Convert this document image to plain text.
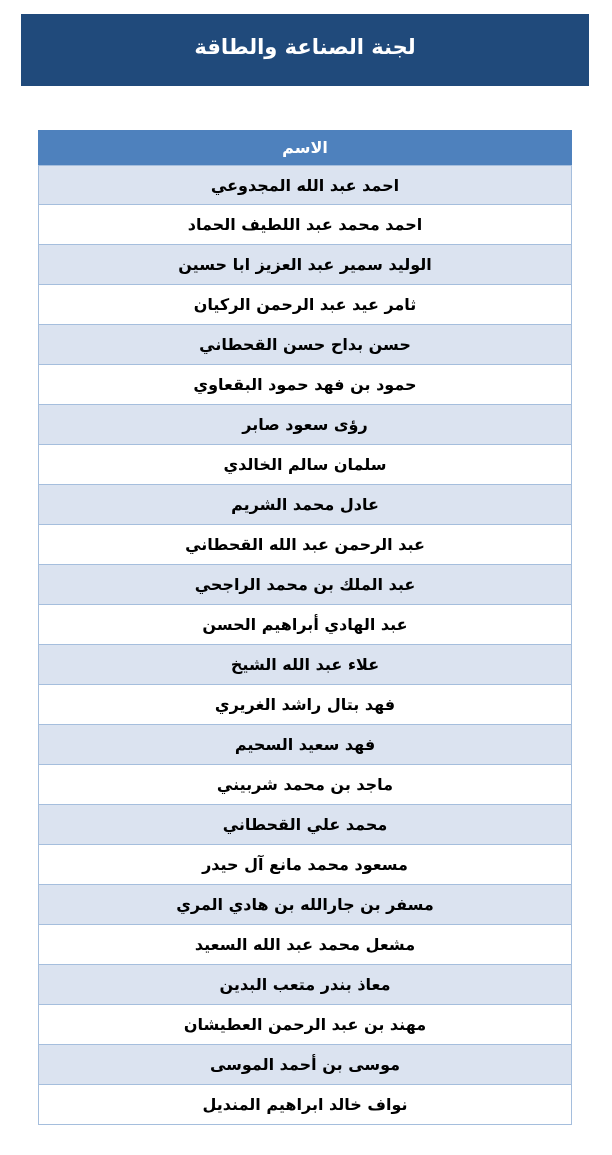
لجنة الصناعة والطاقة
الاسم
احمد عبد الله المجدوعي
احمد محمد عبد اللطيف الحماد
الوليد سمير عبد العزيز ابا حسين
ثامر عيد عبد الرحمن الركيان
حسن بداح حسن القحطاني
حمود بن فهد حمود البقعاوي
رؤى سعود صابر
سلمان سالم الخالدي
عادل محمد الشريم
عبد الرحمن عبد الله القحطاني
عبد الملك بن محمد الراجحي
عبد الهادي أبراهيم الحسن
علاء عبد الله الشيخ
فهد بتال راشد الغريري
فهد سعيد السحيم
ماجد بن محمد شربيني
محمد علي القحطاني
مسعود محمد مانع آل حيدر
مسفر بن جارالله بن هادي المري
مشعل محمد عبد الله السعيد
معاذ بندر متعب البدين
مهند بن عبد الرحمن العطيشان
موسى بن أحمد الموسى
نواف خالد ابراهيم المنديل
